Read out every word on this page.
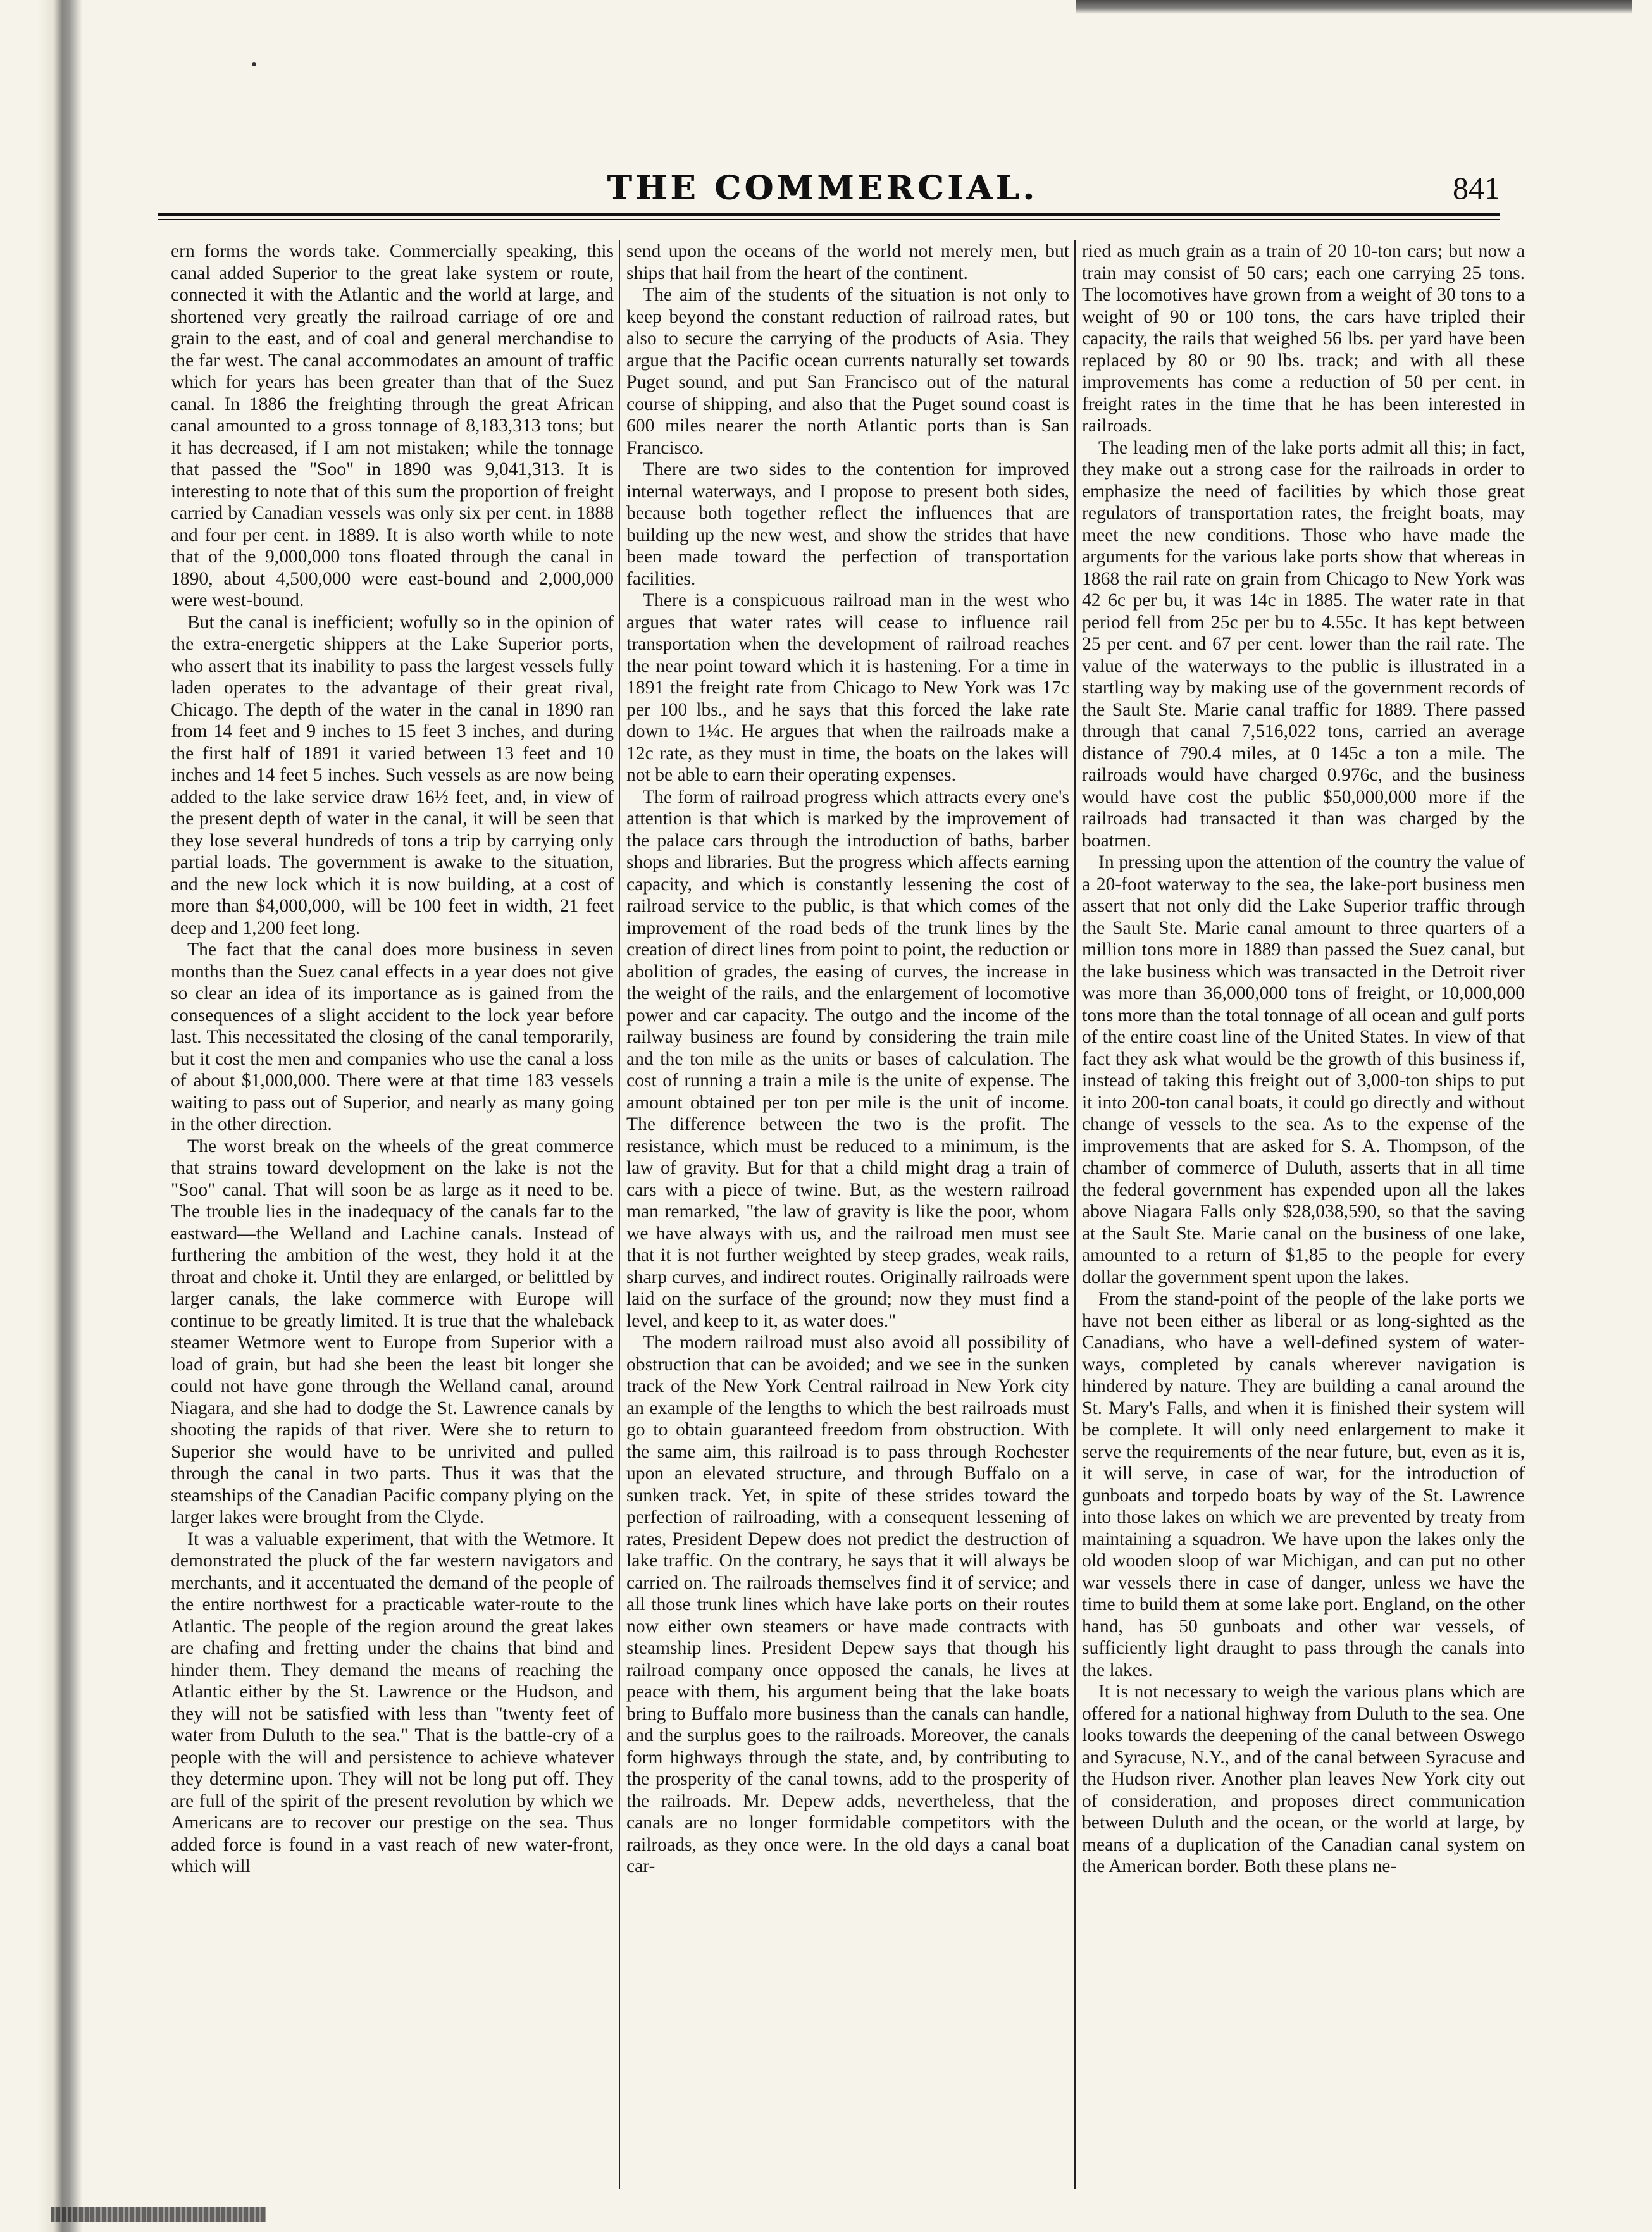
THE COMMERCIAL.	841

ern forms the words take. Commercially speaking, this canal added Superior to the great lake system or route, connected it with the Atlantic and the world at large, and shortened very greatly the railroad carriage of ore and grain to the east, and of coal and general merchandise to the far west. The canal accommodates an amount of traffic which for years has been greater than that of the Suez canal. In 1886 the freighting through the great African canal amounted to a gross tonnage of 8,183,313 tons; but it has decreased, if I am not mistaken; while the tonnage that passed the "Soo" in 1890 was 9,041,313. It is interesting to note that of this sum the proportion of freight carried by Canadian vessels was only six per cent. in 1888 and four per cent. in 1889. It is also worth while to note that of the 9,000,000 tons floated through the canal in 1890, about 4,500,000 were east-bound and 2,000,000 were west-bound.

But the canal is inefficient; wofully so in the opinion of the extra-energetic shippers at the Lake Superior ports, who assert that its inability to pass the largest vessels fully laden operates to the advantage of their great rival, Chicago. The depth of the water in the canal in 1890 ran from 14 feet and 9 inches to 15 feet 3 inches, and during the first half of 1891 it varied between 13 feet and 10 inches and 14 feet 5 inches. Such vessels as are now being added to the lake service draw 16½ feet, and, in view of the present depth of water in the canal, it will be seen that they lose several hundreds of tons a trip by carrying only partial loads. The government is awake to the situation, and the new lock which it is now building, at a cost of more than $4,000,000, will be 100 feet in width, 21 feet deep and 1,200 feet long.

The fact that the canal does more business in seven months than the Suez canal effects in a year does not give so clear an idea of its importance as is gained from the consequences of a slight accident to the lock year before last. This necessitated the closing of the canal temporarily, but it cost the men and companies who use the canal a loss of about $1,000,000. There were at that time 183 vessels waiting to pass out of Superior, and nearly as many going in the other direction.

The worst break on the wheels of the great commerce that strains toward development on the lake is not the "Soo" canal. That will soon be as large as it need to be. The trouble lies in the inadequacy of the canals far to the eastward—the Welland and Lachine canals. Instead of furthering the ambition of the west, they hold it at the throat and choke it. Until they are enlarged, or belittled by larger canals, the lake commerce with Europe will continue to be greatly limited. It is true that the whaleback steamer Wetmore went to Europe from Superior with a load of grain, but had she been the least bit longer she could not have gone through the Welland canal, around Niagara, and she had to dodge the St. Lawrence canals by shooting the rapids of that river. Were she to return to Superior she would have to be unrivited and pulled through the canal in two parts. Thus it was that the steamships of the Canadian Pacific company plying on the larger lakes were brought from the Clyde.

It was a valuable experiment, that with the Wetmore. It demonstrated the pluck of the far western navigators and merchants, and it accentuated the demand of the people of the entire northwest for a practicable water-route to the Atlantic. The people of the region around the great lakes are chafing and fretting under the chains that bind and hinder them. They demand the means of reaching the Atlantic either by the St. Lawrence or the Hudson, and they will not be satisfied with less than "twenty feet of water from Duluth to the sea." That is the battle-cry of a people with the will and persistence to achieve whatever they determine upon. They will not be long put off. They are full of the spirit of the present revolution by which we Americans are to recover our prestige on the sea. Thus added force is found in a vast reach of new water-front, which will

send upon the oceans of the world not merely men, but ships that hail from the heart of the continent.

The aim of the students of the situation is not only to keep beyond the constant reduction of railroad rates, but also to secure the carrying of the products of Asia. They argue that the Pacific ocean currents naturally set towards Puget sound, and put San Francisco out of the natural course of shipping, and also that the Puget sound coast is 600 miles nearer the north Atlantic ports than is San Francisco.

There are two sides to the contention for improved internal waterways, and I propose to present both sides, because both together reflect the influences that are building up the new west, and show the strides that have been made toward the perfection of transportation facilities.

There is a conspicuous railroad man in the west who argues that water rates will cease to influence rail transportation when the development of railroad reaches the near point toward which it is hastening. For a time in 1891 the freight rate from Chicago to New York was 17c per 100 lbs., and he says that this forced the lake rate down to 1¼c. He argues that when the railroads make a 12c rate, as they must in time, the boats on the lakes will not be able to earn their operating expenses.

The form of railroad progress which attracts every one's attention is that which is marked by the improvement of the palace cars through the introduction of baths, barber shops and libraries. But the progress which affects earning capacity, and which is constantly lessening the cost of railroad service to the public, is that which comes of the improvement of the road beds of the trunk lines by the creation of direct lines from point to point, the reduction or abolition of grades, the easing of curves, the increase in the weight of the rails, and the enlargement of locomotive power and car capacity. The outgo and the income of the railway business are found by considering the train mile and the ton mile as the units or bases of calculation. The cost of running a train a mile is the unite of expense. The amount obtained per ton per mile is the unit of income. The difference between the two is the profit. The resistance, which must be reduced to a minimum, is the law of gravity. But for that a child might drag a train of cars with a piece of twine. But, as the western railroad man remarked, "the law of gravity is like the poor, whom we have always with us, and the railroad men must see that it is not further weighted by steep grades, weak rails, sharp curves, and indirect routes. Originally railroads were laid on the surface of the ground; now they must find a level, and keep to it, as water does."

The modern railroad must also avoid all possibility of obstruction that can be avoided; and we see in the sunken track of the New York Central railroad in New York city an example of the lengths to which the best railroads must go to obtain guaranteed freedom from obstruction. With the same aim, this railroad is to pass through Rochester upon an elevated structure, and through Buffalo on a sunken track. Yet, in spite of these strides toward the perfection of railroading, with a consequent lessening of rates, President Depew does not predict the destruction of lake traffic. On the contrary, he says that it will always be carried on. The railroads themselves find it of service; and all those trunk lines which have lake ports on their routes now either own steamers or have made contracts with steamship lines. President Depew says that though his railroad company once opposed the canals, he lives at peace with them, his argument being that the lake boats bring to Buffalo more business than the canals can handle, and the surplus goes to the railroads. Moreover, the canals form highways through the state, and, by contributing to the prosperity of the canal towns, add to the prosperity of the railroads. Mr. Depew adds, nevertheless, that the canals are no longer formidable competitors with the railroads, as they once were. In the old days a canal boat car-

ried as much grain as a train of 20 10-ton cars; but now a train may consist of 50 cars; each one carrying 25 tons. The locomotives have grown from a weight of 30 tons to a weight of 90 or 100 tons, the cars have tripled their capacity, the rails that weighed 56 lbs. per yard have been replaced by 80 or 90 lbs. track; and with all these improvements has come a reduction of 50 per cent. in freight rates in the time that he has been interested in railroads.

The leading men of the lake ports admit all this; in fact, they make out a strong case for the railroads in order to emphasize the need of facilities by which those great regulators of transportation rates, the freight boats, may meet the new conditions. Those who have made the arguments for the various lake ports show that whereas in 1868 the rail rate on grain from Chicago to New York was 42 6c per bu, it was 14c in 1885. The water rate in that period fell from 25c per bu to 4.55c. It has kept between 25 per cent. and 67 per cent. lower than the rail rate. The value of the waterways to the public is illustrated in a startling way by making use of the government records of the Sault Ste. Marie canal traffic for 1889. There passed through that canal 7,516,022 tons, carried an average distance of 790.4 miles, at 0 145c a ton a mile. The railroads would have charged 0.976c, and the business would have cost the public $50,000,000 more if the railroads had transacted it than was charged by the boatmen.

In pressing upon the attention of the country the value of a 20-foot waterway to the sea, the lake-port business men assert that not only did the Lake Superior traffic through the Sault Ste. Marie canal amount to three quarters of a million tons more in 1889 than passed the Suez canal, but the lake business which was transacted in the Detroit river was more than 36,000,000 tons of freight, or 10,000,000 tons more than the total tonnage of all ocean and gulf ports of the entire coast line of the United States. In view of that fact they ask what would be the growth of this business if, instead of taking this freight out of 3,000-ton ships to put it into 200-ton canal boats, it could go directly and without change of vessels to the sea. As to the expense of the improvements that are asked for S. A. Thompson, of the chamber of commerce of Duluth, asserts that in all time the federal government has expended upon all the lakes above Niagara Falls only $28,038,590, so that the saving at the Sault Ste. Marie canal on the business of one lake, amounted to a return of $1,85 to the people for every dollar the government spent upon the lakes.

From the stand-point of the people of the lake ports we have not been either as liberal or as long-sighted as the Canadians, who have a well-defined system of water-ways, completed by canals wherever navigation is hindered by nature. They are building a canal around the St. Mary's Falls, and when it is finished their system will be complete. It will only need enlargement to make it serve the requirements of the near future, but, even as it is, it will serve, in case of war, for the introduction of gunboats and torpedo boats by way of the St. Lawrence into those lakes on which we are prevented by treaty from maintaining a squadron. We have upon the lakes only the old wooden sloop of war Michigan, and can put no other war vessels there in case of danger, unless we have the time to build them at some lake port. England, on the other hand, has 50 gunboats and other war vessels, of sufficiently light draught to pass through the canals into the lakes.

It is not necessary to weigh the various plans which are offered for a national highway from Duluth to the sea. One looks towards the deepening of the canal between Oswego and Syracuse, N.Y., and of the canal between Syracuse and the Hudson river. Another plan leaves New York city out of consideration, and proposes direct communication between Duluth and the ocean, or the world at large, by means of a duplication of the Canadian canal system on the American border. Both these plans ne-
